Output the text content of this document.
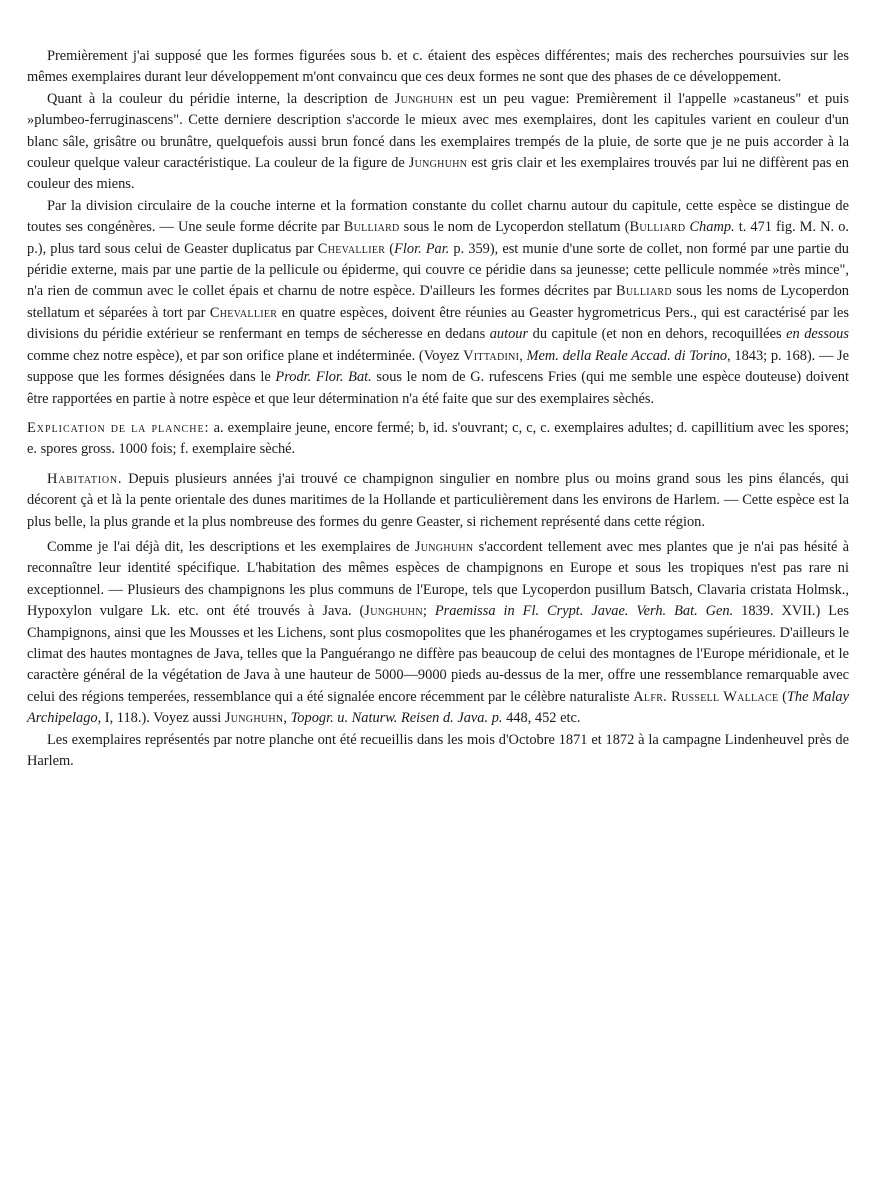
Premièrement j'ai supposé que les formes figurées sous b. et c. étaient des espèces différentes; mais des recherches poursuivies sur les mêmes exemplaires durant leur développement m'ont convaincu que ces deux formes ne sont que des phases de ce développement.

Quant à la couleur du péridie interne, la description de Junghuhn est un peu vague: Premièrement il l'appelle »castaneus" et puis »plumbeo-ferruginascens". Cette derniere description s'accorde le mieux avec mes exemplaires, dont les capitules varient en couleur d'un blanc sâle, grisâtre ou brunâtre, quelquefois aussi brun foncé dans les exemplaires trempés de la pluie, de sorte que je ne puis accorder à la couleur quelque valeur caractéristique. La couleur de la figure de Junghuhn est gris clair et les exemplaires trouvés par lui ne diffèrent pas en couleur des miens.

Par la division circulaire de la couche interne et la formation constante du collet charnu autour du capitule, cette espèce se distingue de toutes ses congénères. — Une seule forme décrite par Bulliard sous le nom de Lycoperdon stellatum (Bulliard Champ. t. 471 fig. M. N. o. p.), plus tard sous celui de Geaster duplicatus par Chevallier (Flor. Par. p. 359), est munie d'une sorte de collet, non formé par une partie du péridie externe, mais par une partie de la pellicule ou épiderme, qui couvre ce péridie dans sa jeunesse; cette pellicule nommée »très mince", n'a rien de commun avec le collet épais et charnu de notre espèce. D'ailleurs les formes décrites par Bulliard sous les noms de Lycoperdon stellatum et séparées à tort par Chevallier en quatre espèces, doivent être réunies au Geaster hygrometricus Pers., qui est caractérisé par les divisions du péridie extérieur se renfermant en temps de sécheresse en dedans autour du capitule (et non en dehors, recoquillées en dessous comme chez notre espèce), et par son orifice plane et indéterminée. (Voyez Vittadini, Mem. della Reale Accad. di Torino, 1843; p. 168). — Je suppose que les formes désignées dans le Prodr. Flor. Bat. sous le nom de G. rufescens Fries (qui me semble une espèce douteuse) doivent être rapportées en partie à notre espèce et que leur détermination n'a été faite que sur des exemplaires sèchés.

Explication de la planche: a. exemplaire jeune, encore fermé; b, id. s'ouvrant; c, c, c. exemplaires adultes; d. capillitium avec les spores; e. spores gross. 1000 fois; f. exemplaire sèché.

Habitation. Depuis plusieurs années j'ai trouvé ce champignon singulier en nombre plus ou moins grand sous les pins élancés, qui décorent çà et là la pente orientale des dunes maritimes de la Hollande et particulièrement dans les environs de Harlem. — Cette espèce est la plus belle, la plus grande et la plus nombreuse des formes du genre Geaster, si richement représenté dans cette région.

Comme je l'ai déjà dit, les descriptions et les exemplaires de Junghuhn s'accordent tellement avec mes plantes que je n'ai pas hésité à reconnaître leur identité spécifique. L'habitation des mêmes espèces de champignons en Europe et sous les tropiques n'est pas rare ni exceptionnel. — Plusieurs des champignons les plus communs de l'Europe, tels que Lycoperdon pusillum Batsch, Clavaria cristata Holmsk., Hypoxylon vulgare Lk. etc. ont été trouvés à Java. (Junghuhn; Praemissa in Fl. Crypt. Javae. Verh. Bat. Gen. 1839. XVII.) Les Champignons, ainsi que les Mousses et les Lichens, sont plus cosmopolites que les phanérogames et les cryptogames supérieures. D'ailleurs le climat des hautes montagnes de Java, telles que la Panguérango ne diffère pas beaucoup de celui des montagnes de l'Europe méridionale, et le caractère général de la végétation de Java à une hauteur de 5000—9000 pieds au-dessus de la mer, offre une ressemblance remarquable avec celui des régions temperées, ressemblance qui a été signalée encore récemment par le célèbre naturaliste Alfr. Russell Wallace (The Malay Archipelago, I, 118.). Voyez aussi Junghuhn, Topogr. u. Naturw. Reisen d. Java. p. 448, 452 etc.

Les exemplaires représentés par notre planche ont été recueillis dans les mois d'Octobre 1871 et 1872 à la campagne Lindenheuvel près de Harlem.
